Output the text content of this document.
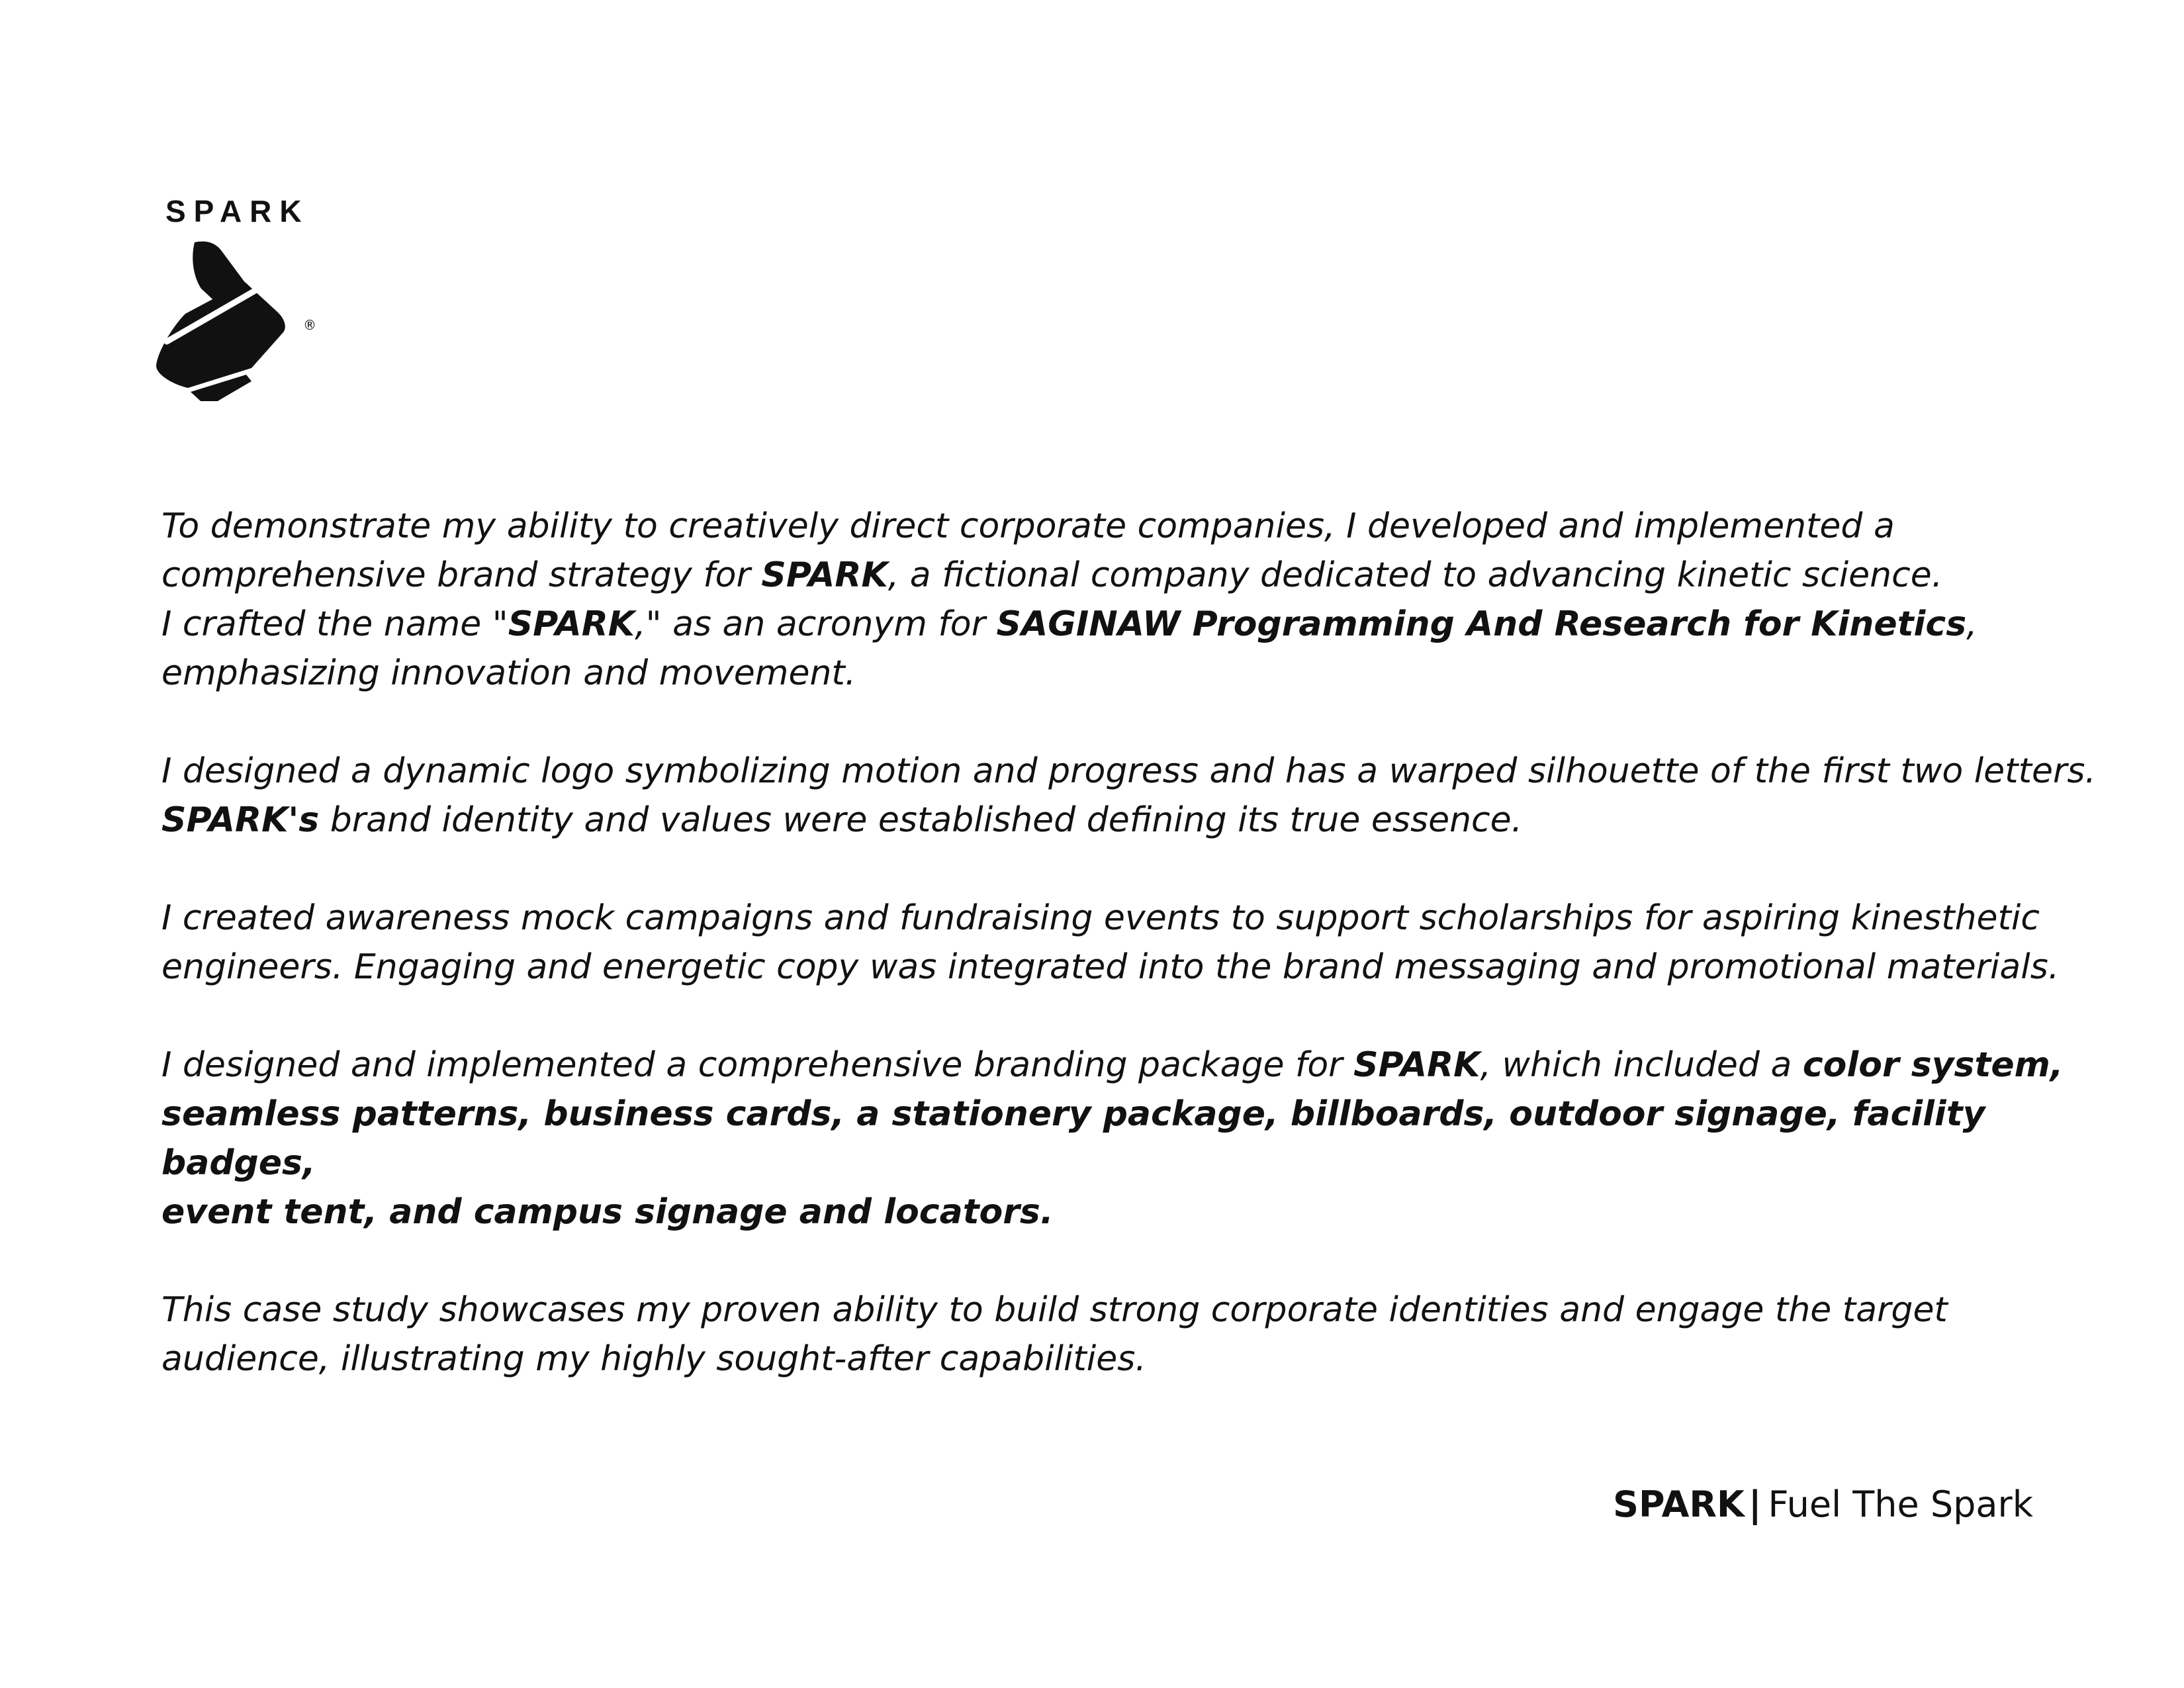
SPARK
®

To demonstrate my ability to creatively direct corporate companies, I developed and implemented a
comprehensive brand strategy for SPARK, a fictional company dedicated to advancing kinetic science.
I crafted the name "SPARK," as an acronym for SAGINAW Programming And Research for Kinetics,
emphasizing innovation and movement.

I designed a dynamic logo symbolizing motion and progress and has a warped silhouette of the first two letters.
SPARK's brand identity and values were established defining its true essence.

I created awareness mock campaigns and fundraising events to support scholarships for aspiring kinesthetic
engineers. Engaging and energetic copy was integrated into the brand messaging and promotional materials.

I designed and implemented a comprehensive branding package for SPARK, which included a color system,
seamless patterns, business cards, a stationery package, billboards, outdoor signage, facility badges,
event tent, and campus signage and locators.

This case study showcases my proven ability to build strong corporate identities and engage the target
audience, illustrating my highly sought-after capabilities.

SPARK | Fuel The Spark
